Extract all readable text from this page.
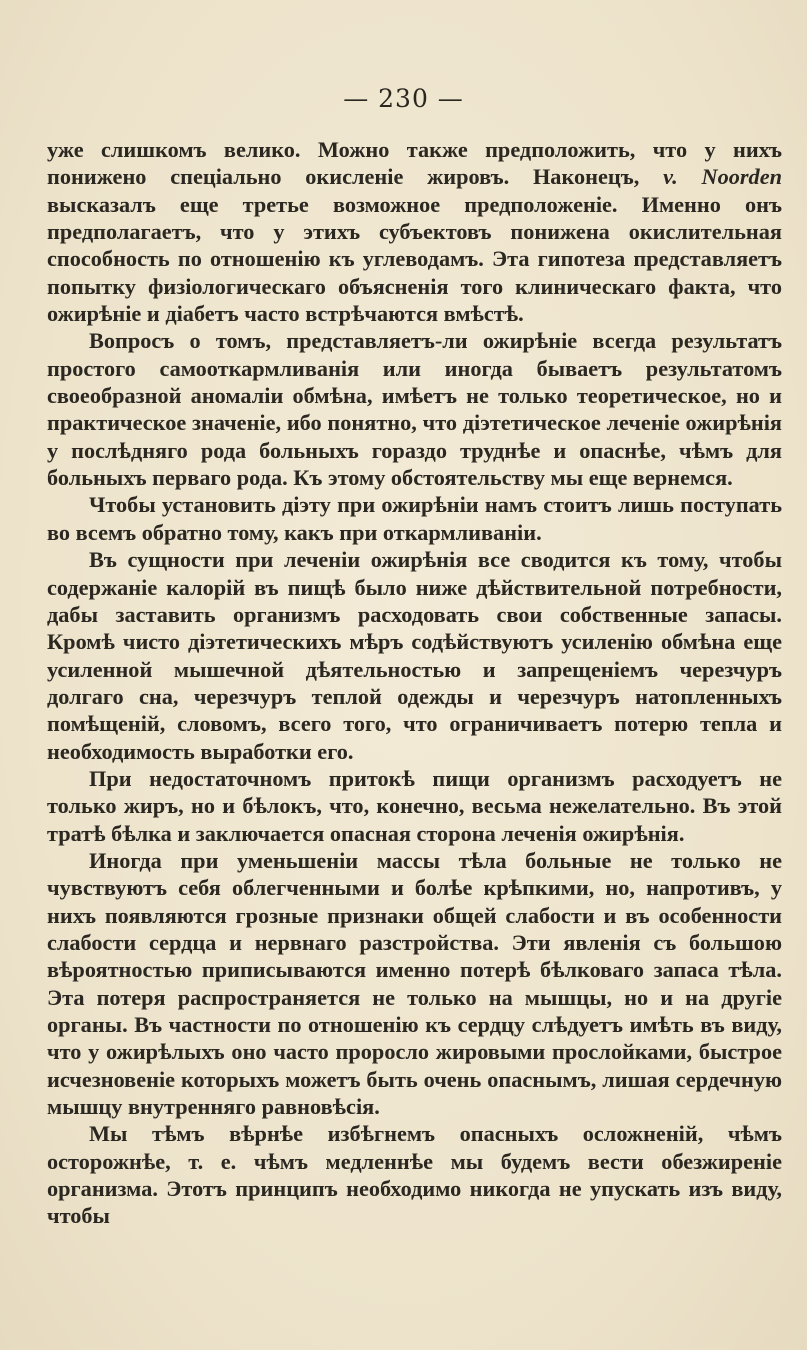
— 230 —

уже слишкомъ велико. Можно также предположить, что у нихъ понижено спеціально окисленіе жировъ. Наконецъ, v. Noorden высказалъ еще третье возможное предположеніе. Именно онъ предполагаетъ, что у этихъ субъектовъ понижена окислительная способность по отношенію къ углеводамъ. Эта гипотеза представляетъ попытку физіологическаго объясненія того клиническаго факта, что ожирѣніе и діабетъ часто встрѣчаются вмѣстѣ.

Вопросъ о томъ, представляетъ-ли ожирѣніе всегда результатъ простого самооткармливанія или иногда бываетъ результатомъ своеобразной аномаліи обмѣна, имѣетъ не только теоретическое, но и практическое значеніе, ибо понятно, что діэтетическое леченіе ожирѣнія у послѣдняго рода больныхъ гораздо труднѣе и опаснѣе, чѣмъ для больныхъ перваго рода. Къ этому обстоятельству мы еще вернемся.

Чтобы установить діэту при ожирѣніи намъ стоитъ лишь поступать во всемъ обратно тому, какъ при откармливаніи.

Въ сущности при леченіи ожирѣнія все сводится къ тому, чтобы содержаніе калорій въ пищѣ было ниже дѣйствительной потребности, дабы заставить организмъ расходовать свои собственные запасы. Кромѣ чисто діэтетическихъ мѣръ содѣйствуютъ усиленію обмѣна еще усиленной мышечной дѣятельностью и запрещеніемъ черезчуръ долгаго сна, черезчуръ теплой одежды и черезчуръ натопленныхъ помѣщеній, словомъ, всего того, что ограничиваетъ потерю тепла и необходимость выработки его.

При недостаточномъ притокѣ пищи организмъ расходуетъ не только жиръ, но и бѣлокъ, что, конечно, весьма нежелательно. Въ этой тратѣ бѣлка и заключается опасная сторона леченія ожирѣнія.

Иногда при уменьшеніи массы тѣла больные не только не чувствуютъ себя облегченными и болѣе крѣпкими, но, напротивъ, у нихъ появляются грозные признаки общей слабости и въ особенности слабости сердца и нервнаго разстройства. Эти явленія съ большою вѣроятностью приписываются именно потерѣ бѣлковаго запаса тѣла. Эта потеря распространяется не только на мышцы, но и на другіе органы. Въ частности по отношенію къ сердцу слѣдуетъ имѣть въ виду, что у ожирѣлыхъ оно часто проросло жировыми прослойками, быстрое исчезновеніе которыхъ можетъ быть очень опаснымъ, лишая сердечную мышцу внутренняго равновѣсія.

Мы тѣмъ вѣрнѣе избѣгнемъ опасныхъ осложненій, чѣмъ осторожнѣе, т. е. чѣмъ медленнѣе мы будемъ вести обезжиреніе организма. Этотъ принципъ необходимо никогда не упускать изъ виду, чтобы
